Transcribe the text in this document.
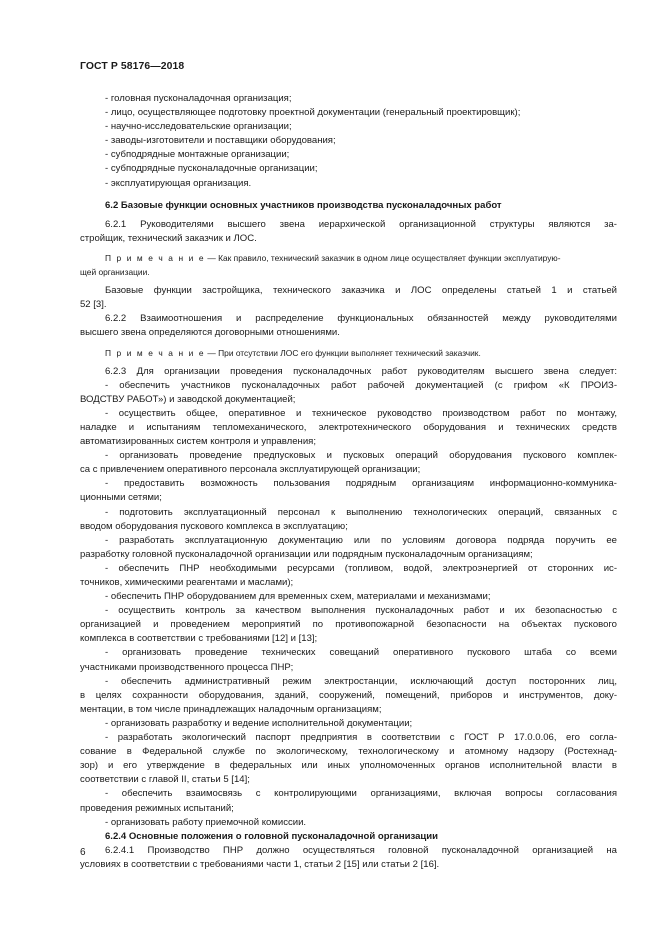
ГОСТ Р 58176—2018
- головная пусконаладочная организация;
- лицо, осуществляющее подготовку проектной документации (генеральный проектировщик);
- научно-исследовательские организации;
- заводы-изготовители и поставщики оборудования;
- субподрядные монтажные организации;
- субподрядные пусконаладочные организации;
- эксплуатирующая организация.
6.2 Базовые функции основных участников производства пусконаладочных работ
6.2.1 Руководителями высшего звена иерархической организационной структуры являются за-
стройщик, технический заказчик и ЛОС.
П р и м е ч а н и е — Как правило, технический заказчик в одном лице осуществляет функции эксплуатирую-
щей организации.
Базовые функции застройщика, технического заказчика и ЛОС определены статьей 1 и статьей
52 [3].
6.2.2 Взаимоотношения и распределение функциональных обязанностей между руководителями
высшего звена определяются договорными отношениями.
П р и м е ч а н и е — При отсутствии ЛОС его функции выполняет технический заказчик.
6.2.3 Для организации проведения пусконаладочных работ руководителям высшего звена следует:
- обеспечить участников пусконаладочных работ рабочей документацией (с грифом «К ПРОИЗ-
ВОДСТВУ РАБОТ») и заводской документацией;
- осуществить общее, оперативное и техническое руководство производством работ по монтажу,
наладке и испытаниям тепломеханического, электротехнического оборудования и технических средств
автоматизированных систем контроля и управления;
- организовать проведение предпусковых и пусковых операций оборудования пускового комплек-
са с привлечением оперативного персонала эксплуатирующей организации;
- предоставить возможность пользования подрядным организациям информационно-коммуника-
ционными сетями;
- подготовить эксплуатационный персонал к выполнению технологических операций, связанных с
вводом оборудования пускового комплекса в эксплуатацию;
- разработать эксплуатационную документацию или по условиям договора подряда поручить ее
разработку головной пусконаладочной организации или подрядным пусконаладочным организациям;
- обеспечить ПНР необходимыми ресурсами (топливом, водой, электроэнергией от сторонних ис-
точников, химическими реагентами и маслами);
- обеспечить ПНР оборудованием для временных схем, материалами и механизмами;
- осуществить контроль за качеством выполнения пусконаладочных работ и их безопасностью с
организацией и проведением мероприятий по противопожарной безопасности на объектах пускового
комплекса в соответствии с требованиями [12] и [13];
- организовать проведение технических совещаний оперативного пускового штаба со всеми
участниками производственного процесса ПНР;
- обеспечить административный режим электростанции, исключающий доступ посторонних лиц,
в целях сохранности оборудования, зданий, сооружений, помещений, приборов и инструментов, доку-
ментации, в том числе принадлежащих наладочным организациям;
- организовать разработку и ведение исполнительной документации;
- разработать экологический паспорт предприятия в соответствии с ГОСТ Р 17.0.0.06, его согла-
сование в Федеральной службе по экологическому, технологическому и атомному надзору (Ростехнад-
зор) и его утверждение в федеральных или иных уполномоченных органов исполнительной власти в
соответствии с главой II, статьи 5 [14];
- обеспечить взаимосвязь с контролирующими организациями, включая вопросы согласования
проведения режимных испытаний;
- организовать работу приемочной комиссии.
6.2.4 Основные положения о головной пусконаладочной организации
6.2.4.1 Производство ПНР должно осуществляться головной пусконаладочной организацией на
условиях в соответствии с требованиями части 1, статьи 2 [15] или статьи 2 [16].
6
